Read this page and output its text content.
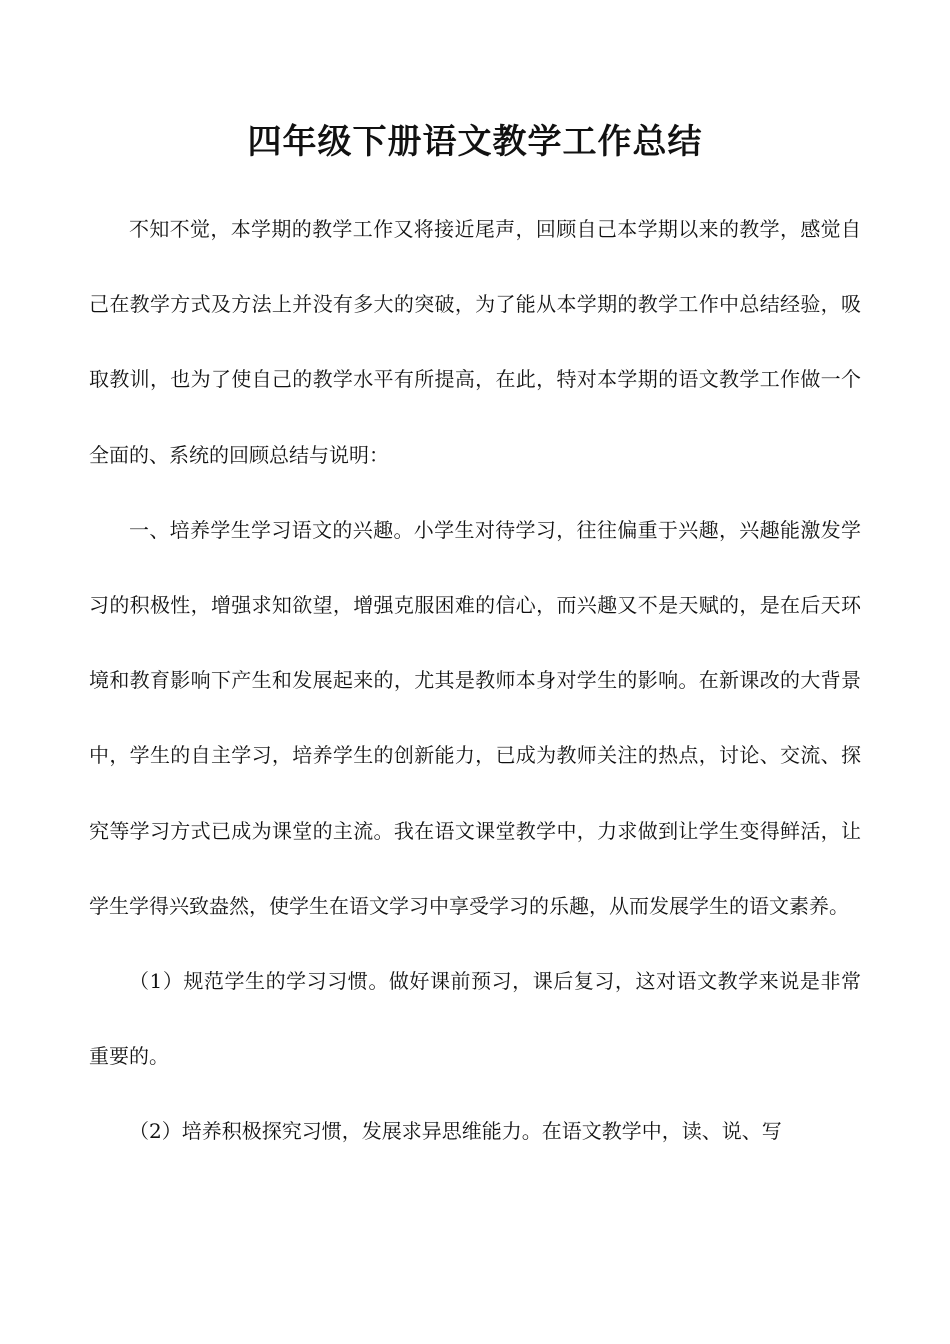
四年级下册语文教学工作总结

不知不觉，本学期的教学工作又将接近尾声，回顾自己本学期以来的教学，感觉自己在教学方式及方法上并没有多大的突破，为了能从本学期的教学工作中总结经验，吸取教训，也为了使自己的教学水平有所提高，在此，特对本学期的语文教学工作做一个全面的、系统的回顾总结与说明：

一、培养学生学习语文的兴趣。小学生对待学习，往往偏重于兴趣，兴趣能激发学习的积极性，增强求知欲望，增强克服困难的信心，而兴趣又不是天赋的，是在后天环境和教育影响下产生和发展起来的，尤其是教师本身对学生的影响。在新课改的大背景中，学生的自主学习，培养学生的创新能力，已成为教师关注的热点，讨论、交流、探究等学习方式已成为课堂的主流。我在语文课堂教学中，力求做到让学生变得鲜活，让学生学得兴致盎然，使学生在语文学习中享受学习的乐趣，从而发展学生的语文素养。

（1）规范学生的学习习惯。做好课前预习，课后复习，这对语文教学来说是非常重要的。

（2）培养积极探究习惯，发展求异思维能力。在语文教学中，读、说、写
